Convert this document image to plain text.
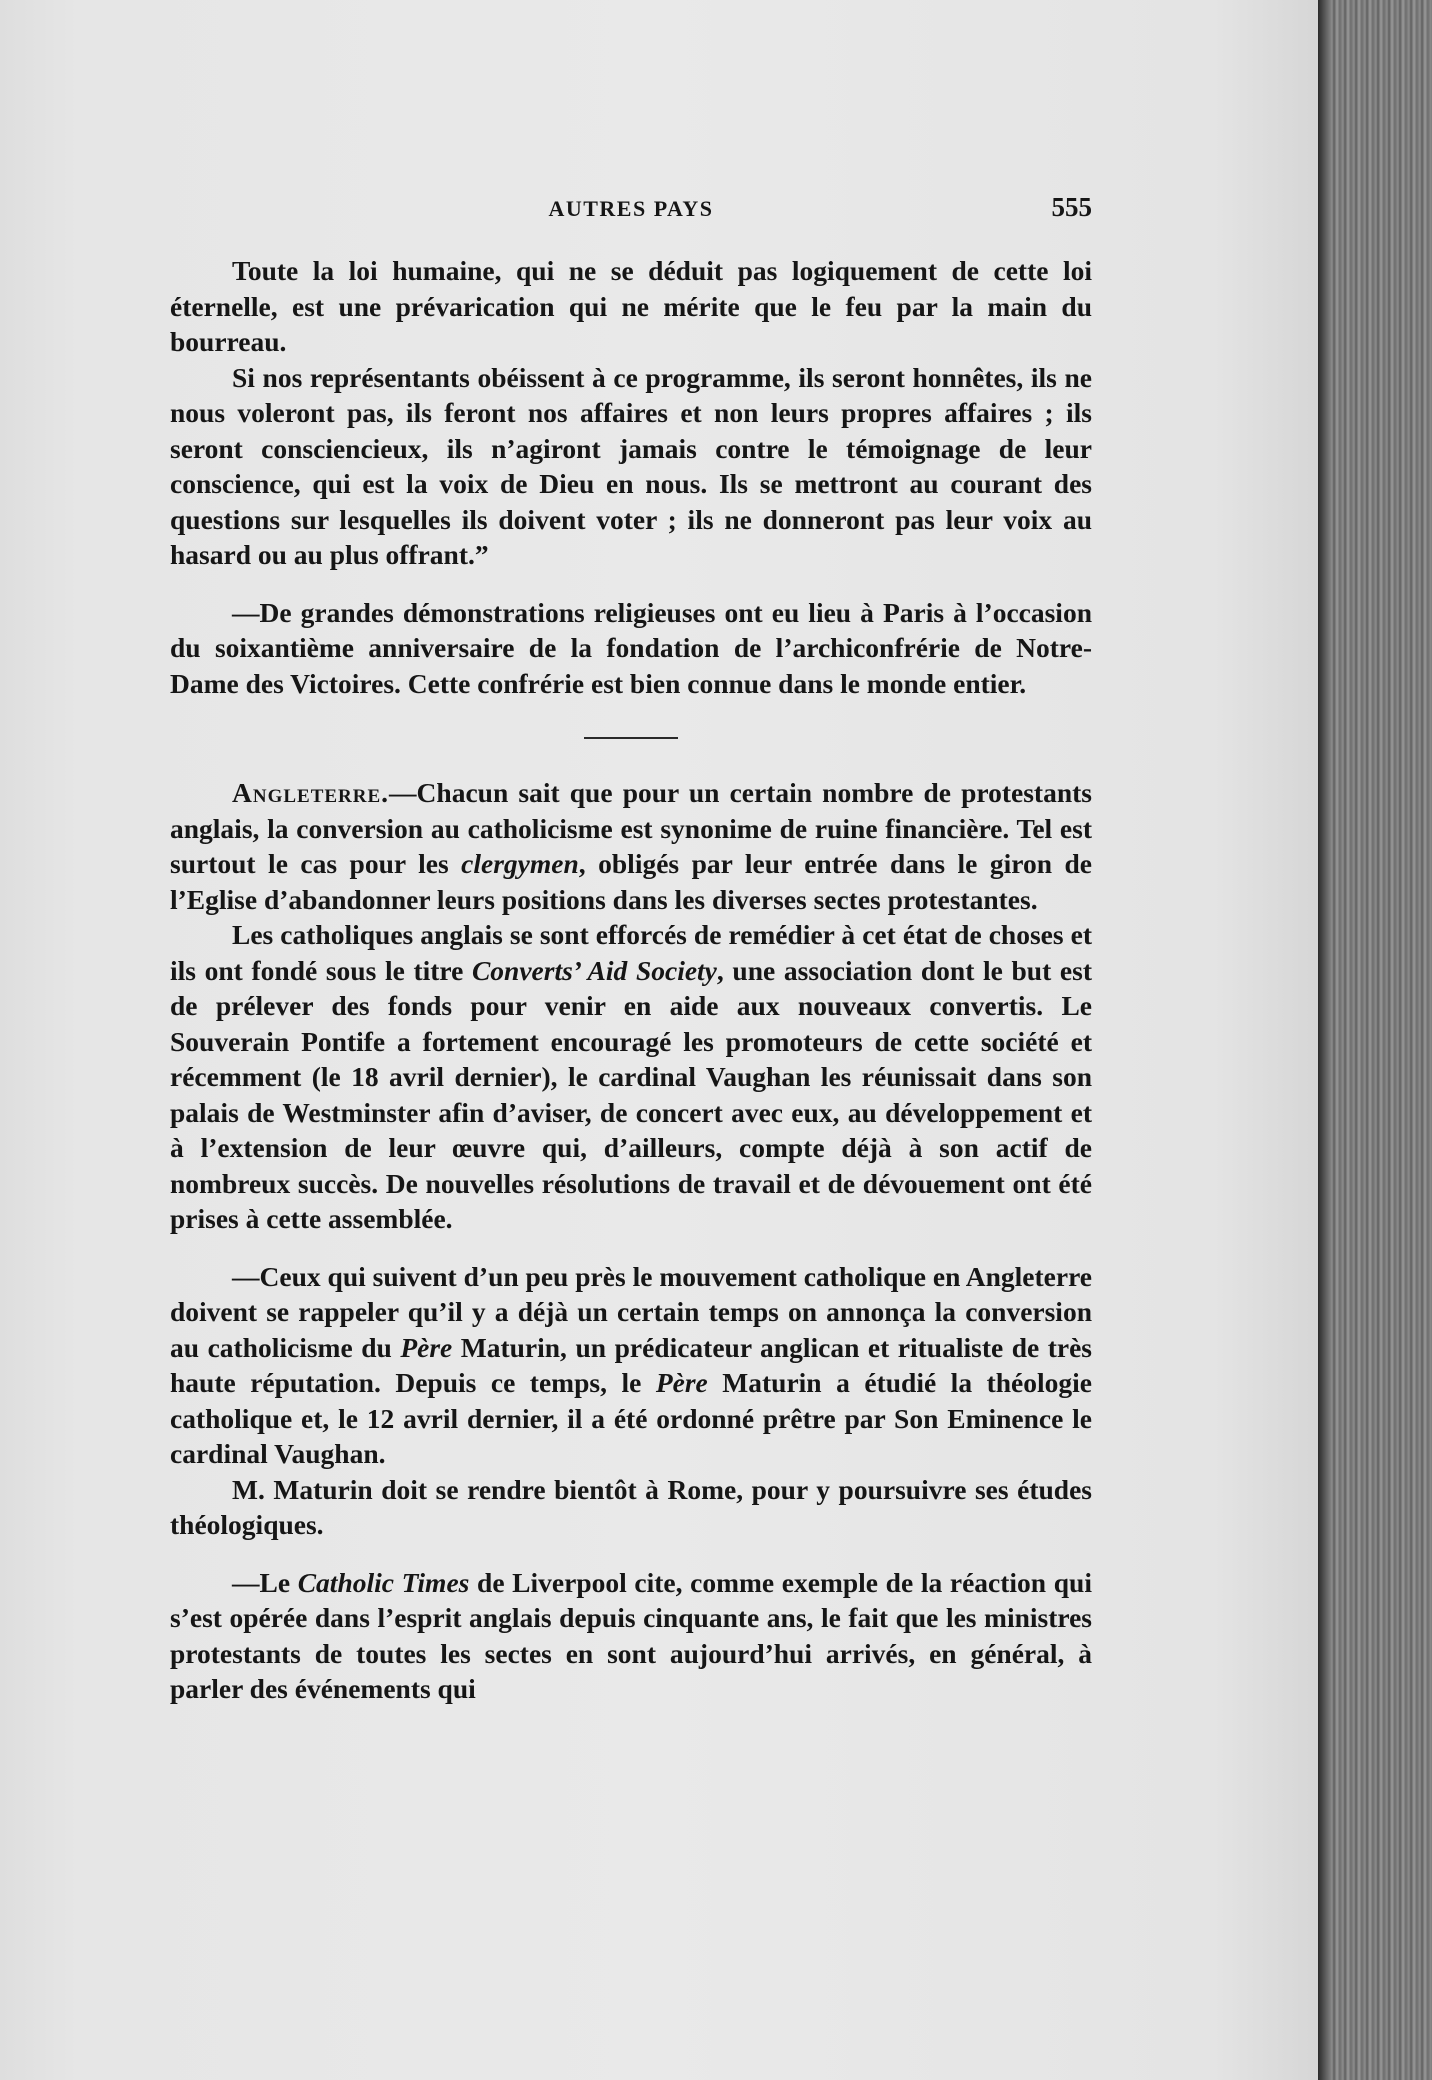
AUTRES PAYS	555

Toute la loi humaine, qui ne se déduit pas logiquement de cette loi éternelle, est une prévarication qui ne mérite que le feu par la main du bourreau.

Si nos représentants obéissent à ce programme, ils seront honnêtes, ils ne nous voleront pas, ils feront nos affaires et non leurs propres affaires ; ils seront consciencieux, ils n’agiront jamais contre le témoignage de leur conscience, qui est la voix de Dieu en nous. Ils se mettront au courant des questions sur lesquelles ils doivent voter ; ils ne donneront pas leur voix au hasard ou au plus offrant.”

—De grandes démonstrations religieuses ont eu lieu à Paris à l’occasion du soixantième anniversaire de la fondation de l’archiconfrérie de Notre-Dame des Victoires. Cette confrérie est bien connue dans le monde entier.

Angleterre.—Chacun sait que pour un certain nombre de protestants anglais, la conversion au catholicisme est synonime de ruine financière. Tel est surtout le cas pour les clergymen, obligés par leur entrée dans le giron de l’Eglise d’abandonner leurs positions dans les diverses sectes protestantes.

Les catholiques anglais se sont efforcés de remédier à cet état de choses et ils ont fondé sous le titre Converts’ Aid Society, une association dont le but est de prélever des fonds pour venir en aide aux nouveaux convertis. Le Souverain Pontife a fortement encouragé les promoteurs de cette société et récemment (le 18 avril dernier), le cardinal Vaughan les réunissait dans son palais de Westminster afin d’aviser, de concert avec eux, au développement et à l’extension de leur œuvre qui, d’ailleurs, compte déjà à son actif de nombreux succès. De nouvelles résolutions de travail et de dévouement ont été prises à cette assemblée.

—Ceux qui suivent d’un peu près le mouvement catholique en Angleterre doivent se rappeler qu’il y a déjà un certain temps on annonça la conversion au catholicisme du Père Maturin, un prédicateur anglican et ritualiste de très haute réputation. Depuis ce temps, le Père Maturin a étudié la théologie catholique et, le 12 avril dernier, il a été ordonné prêtre par Son Eminence le cardinal Vaughan.

M. Maturin doit se rendre bientôt à Rome, pour y poursuivre ses études théologiques.

—Le Catholic Times de Liverpool cite, comme exemple de la réaction qui s’est opérée dans l’esprit anglais depuis cinquante ans, le fait que les ministres protestants de toutes les sectes en sont aujourd’hui arrivés, en général, à parler des événements qui
